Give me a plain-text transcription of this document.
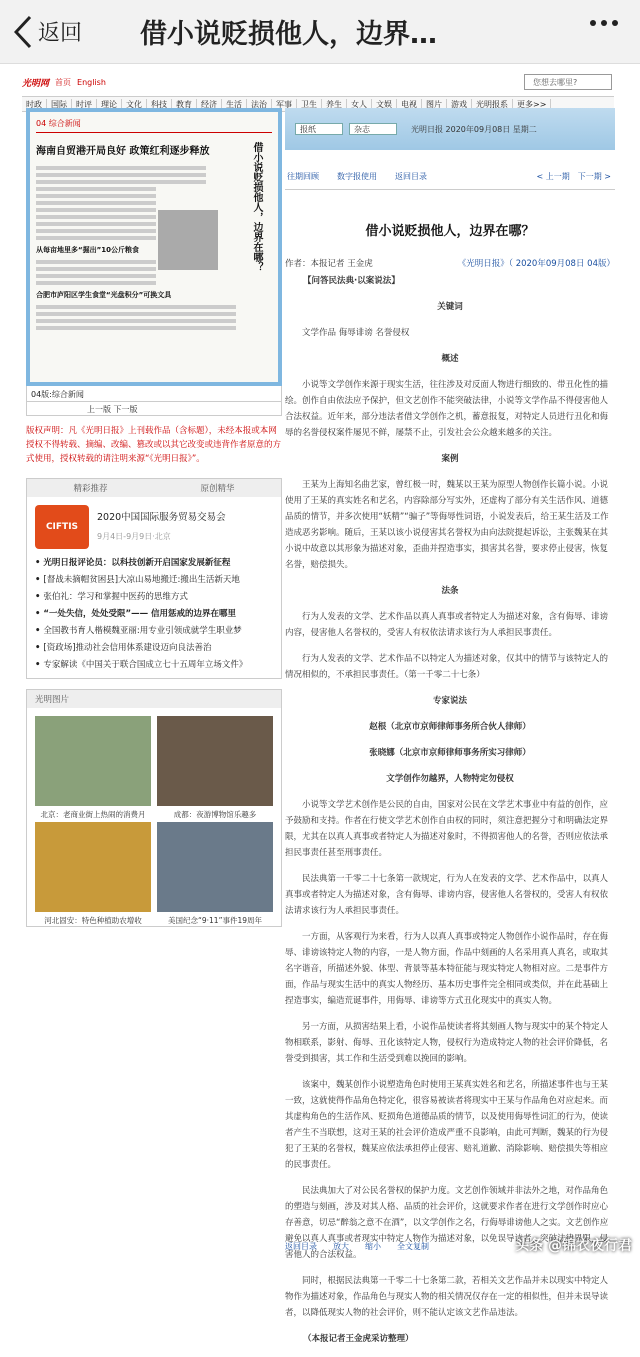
返回 借小说贬损他人，边界…
光明网 首页 English	您想去哪里?
时政	国际	时评	理论	文化	科技	教育	经济	生活	法治	军事	卫生	养生	女人	文娱	电视	图片	游戏	光明报系	更多>>
04 综合新闻
海南自贸港开局良好 政策红利逐步释放
从每亩地里多“掘出”10公斤粮食
合肥市庐阳区学生食堂“光盘积分”可换文具
借小说贬损他人，边界在哪？
04版:综合新闻
上一版 下一版
版权声明：凡《光明日报》上刊载作品（含标题），未经本报或本网授权不得转载、摘编、改编、篡改或以其它改变或违背作者原意的方式使用，授权转载的请注明来源“《光明日报》”。
精彩推荐	原创精华
CIFTIS
2020中国国际服务贸易交易会
9月4日-9月9日·北京
• 光明日报评论员：以科技创新开启国家发展新征程
• [督战未摘帽贫困县]大凉山易地搬迁:搬出生活新天地
• 张伯礼：学习和掌握中医药的思维方式
• “一处失信，处处受限”—— 信用惩戒的边界在哪里
• 全国教书育人楷模魏亚丽:用专业引领成就学生职业梦
• [资政场]推动社会信用体系建设迈向良法善治
• 专家解读《中国关于联合国成立七十五周年立场文件》
光明图片
北京：老商业街上热闹的消费月	成都：夜游博物馆乐趣多
河北固安：特色种植助农增收	美国纪念“9·11”事件19周年
报纸	杂志	光明日报 2020年09月08日 星期二
往期回顾 数字报使用 返回目录	< 上一期 下一期 >
借小说贬损他人，边界在哪？
作者：本报记者 王金虎	《光明日报》（ 2020年09月08日 04版）

【问答民法典·以案说法】

关键词

文学作品 侮辱诽谤 名誉侵权

概述

小说等文学创作来源于现实生活，往往涉及对反面人物进行细致的、带丑化性的描绘。创作自由依法应予保护，但文艺创作不能突破法律，小说等文学作品不得侵害他人合法权益。近年来，部分违法者借文学创作之机，蓄意报复，对特定人员进行丑化和侮辱的名誉侵权案件屡见不鲜，屡禁不止，引发社会公众越来越多的关注。

案例

王某为上海知名曲艺家，曾红极一时，魏某以王某为原型人物创作长篇小说。小说使用了王某的真实姓名和艺名，内容除部分写实外，还虚构了部分有关生活作风、道德品质的情节，并多次使用“妖精”“骗子”等侮辱性词语，小说发表后，给王某生活及工作造成恶劣影响。随后，王某以该小说侵害其名誉权为由向法院提起诉讼，主张魏某在其小说中故意以其形象为描述对象，歪曲并捏造事实，损害其名誉，要求停止侵害，恢复名誉，赔偿损失。

法条

行为人发表的文学、艺术作品以真人真事或者特定人为描述对象，含有侮辱、诽谤内容，侵害他人名誉权的，受害人有权依法请求该行为人承担民事责任。

行为人发表的文学、艺术作品不以特定人为描述对象，仅其中的情节与该特定人的情况相似的，不承担民事责任。（第一千零二十七条）

专家说法

赵根（北京市京师律师事务所合伙人律师）

张晓娜（北京市京师律师事务所实习律师）

文学创作勿越界，人物特定勿侵权

小说等文学艺术创作是公民的自由，国家对公民在文学艺术事业中有益的创作，应予鼓励和支持。作者在行使文学艺术创作自由权的同时，须注意把握分寸和明确法定界限，尤其在以真人真事或者特定人为描述对象时，不得损害他人的名誉，否则应依法承担民事责任甚至刑事责任。

民法典第一千零二十七条第一款规定，行为人在发表的文学、艺术作品中，以真人真事或者特定人为描述对象，含有侮辱、诽谤内容，侵害他人名誉权的，受害人有权依法请求该行为人承担民事责任。

一方面，从客观行为来看，行为人以真人真事或特定人物创作小说作品时，存在侮辱、诽谤该特定人物的内容，一是人物方面，作品中刻画的人名采用真人真名，或取其名字谐音，所描述外貌、体型、背景等基本特征能与现实特定人物相对应。二是事件方面，作品与现实生活中的真实人物经历、基本历史事件完全相同或类似，并在此基础上捏造事实，编造荒诞事件，用侮辱、诽谤等方式丑化现实中的真实人物。

另一方面，从损害结果上看，小说作品使读者将其刻画人物与现实中的某个特定人物相联系，影射、侮辱、丑化该特定人物，侵权行为造成特定人物的社会评价降低，名誉受到损害，其工作和生活受到难以挽回的影响。

该案中，魏某创作小说塑造角色时使用王某真实姓名和艺名，所描述事件也与王某一致，这就使得作品角色特定化，很容易被读者将现实中王某与作品角色对应起来。而其虚构角色的生活作风、贬损角色道德品质的情节，以及使用侮辱性词汇的行为，使读者产生不当联想，这对王某的社会评价造成严重不良影响，由此可判断，魏某的行为侵犯了王某的名誉权，魏某应依法承担停止侵害、赔礼道歉、消除影响、赔偿损失等相应的民事责任。

民法典加大了对公民名誉权的保护力度。文艺创作领域并非法外之地，对作品角色的塑造与刻画，涉及对其人格、品质的社会评价，这就要求作者在进行文学创作时应心存善意，切忌“醉翁之意不在酒”，以文学创作之名，行侮辱诽谤他人之实。文艺创作应避免以真人真事或者现实中特定人物作为描述对象，以免误导读者，突破法律界限，侵害他人的合法权益。

同时，根据民法典第一千零二十七条第二款，若相关文艺作品并未以现实中特定人物作为描述对象，作品角色与现实人物的相关情况仅存在一定的相似性，但并未误导读者，以降低现实人物的社会评价，则不能认定该文艺作品违法。

（本报记者王金虎采访整理）

返回目录 放大 缩小 全文复制
头条 @锦衣夜行君
